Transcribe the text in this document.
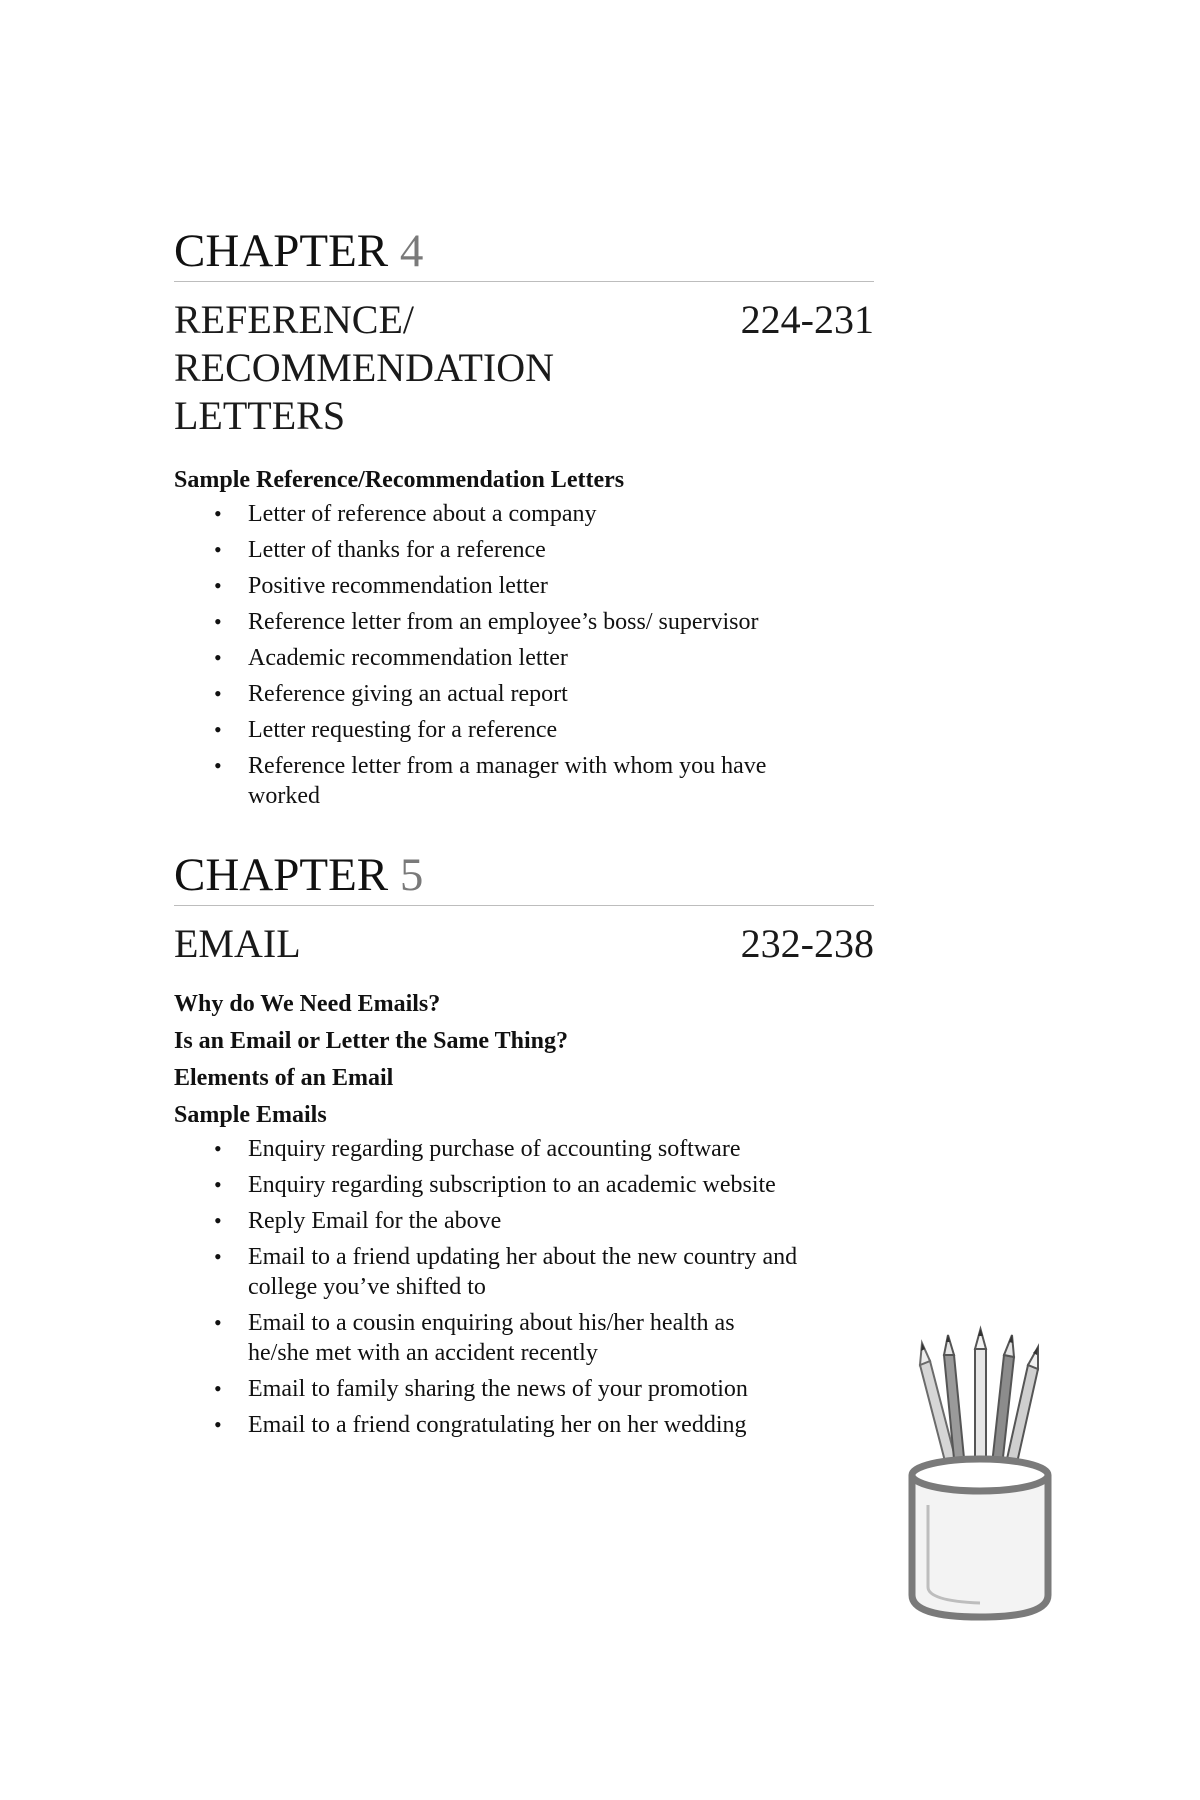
CHAPTER 4
REFERENCE/
RECOMMENDATION
LETTERS
224-231
Sample Reference/Recommendation Letters
• Letter of reference about a company
• Letter of thanks for a reference
• Positive recommendation letter
• Reference letter from an employee’s boss/ supervisor
• Academic recommendation letter
• Reference giving an actual report
• Letter requesting for a reference
• Reference letter from a manager with whom you have worked
CHAPTER 5
EMAIL	232-238
Why do We Need Emails?
Is an Email or Letter the Same Thing?
Elements of an Email
Sample Emails
• Enquiry regarding purchase of accounting software
• Enquiry regarding subscription to an academic website
• Reply Email for the above
• Email to a friend updating her about the new country and college you’ve shifted to
• Email to a cousin enquiring about his/her health as he/she met with an accident recently
• Email to family sharing the news of your promotion
• Email to a friend congratulating her on her wedding
